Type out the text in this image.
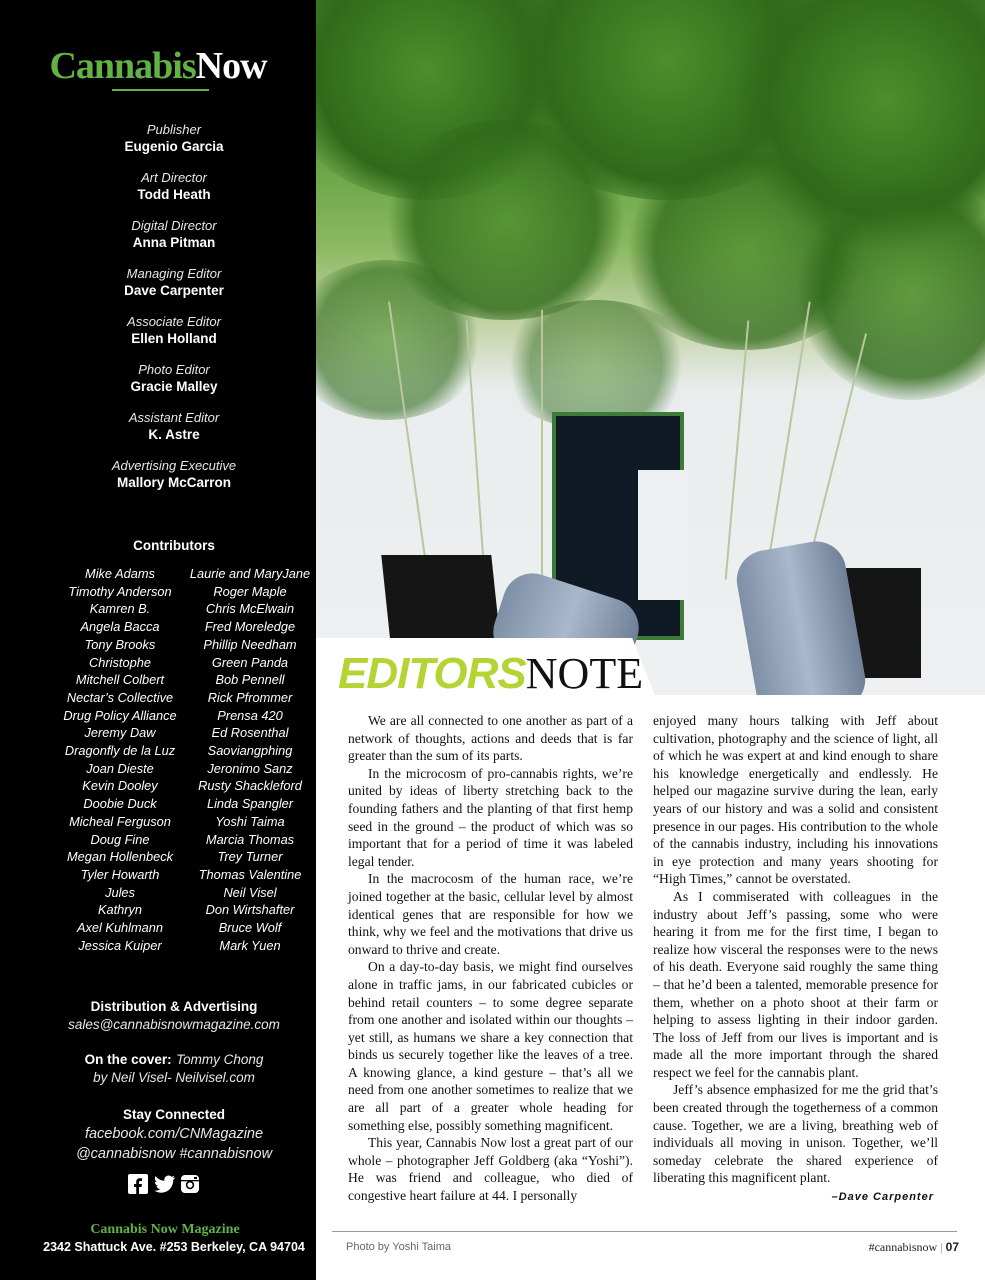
CannabisNow
Publisher
Eugenio Garcia
Art Director
Todd Heath
Digital Director
Anna Pitman
Managing Editor
Dave Carpenter
Associate Editor
Ellen Holland
Photo Editor
Gracie Malley
Assistant Editor
K. Astre
Advertising Executive
Mallory McCarron
Contributors
Mike Adams
Timothy Anderson
Kamren B.
Angela Bacca
Tony Brooks
Christophe
Mitchell Colbert
Nectar’s Collective
Drug Policy Alliance
Jeremy Daw
Dragonfly de la Luz
Joan Dieste
Kevin Dooley
Doobie Duck
Micheal Ferguson
Doug Fine
Megan Hollenbeck
Tyler Howarth
Jules
Kathryn
Axel Kuhlmann
Jessica Kuiper
Laurie and MaryJane
Roger Maple
Chris McElwain
Fred Moreledge
Phillip Needham
Green Panda
Bob Pennell
Rick Pfrommer
Prensa 420
Ed Rosenthal
Saoviangphing
Jeronimo Sanz
Rusty Shackleford
Linda Spangler
Yoshi Taima
Marcia Thomas
Trey Turner
Thomas Valentine
Neil Visel
Don Wirtshafter
Bruce Wolf
Mark Yuen
Distribution & Advertising
sales@cannabisnowmagazine.com
On the cover: Tommy Chong
by Neil Visel- Neilvisel.com
Stay Connected
facebook.com/CNMagazine
@cannabisnow #cannabisnow
Cannabis Now Magazine
2342 Shattuck Ave. #253 Berkeley, CA 94704
EDITORSNOTE

We are all connected to one another as part of a network of thoughts, actions and deeds that is far greater than the sum of its parts.

In the microcosm of pro-cannabis rights, we’re united by ideas of liberty stretching back to the founding fathers and the planting of that first hemp seed in the ground – the product of which was so important that for a period of time it was labeled legal tender.

In the macrocosm of the human race, we’re joined together at the basic, cellular level by almost identical genes that are responsible for how we think, why we feel and the motivations that drive us onward to thrive and create.

On a day-to-day basis, we might find ourselves alone in traffic jams, in our fabricated cubicles or behind retail counters – to some degree separate from one another and isolated within our thoughts – yet still, as humans we share a key connection that binds us securely together like the leaves of a tree. A knowing glance, a kind gesture – that’s all we need from one another sometimes to realize that we are all part of a greater whole heading for something else, possibly something magnificent.

This year, Cannabis Now lost a great part of our whole – photographer Jeff Goldberg (aka “Yoshi”). He was friend and colleague, who died of congestive heart failure at 44. I personally

enjoyed many hours talking with Jeff about cultivation, photography and the science of light, all of which he was expert at and kind enough to share his knowledge energetically and endlessly. He helped our magazine survive during the lean, early years of our history and was a solid and consistent presence in our pages. His contribution to the whole of the cannabis industry, including his innovations in eye protection and many years shooting for “High Times,” cannot be overstated.

As I commiserated with colleagues in the industry about Jeff’s passing, some who were hearing it from me for the first time, I began to realize how visceral the responses were to the news of his death. Everyone said roughly the same thing – that he’d been a talented, memorable presence for them, whether on a photo shoot at their farm or helping to assess lighting in their indoor garden. The loss of Jeff from our lives is important and is made all the more important through the shared respect we feel for the cannabis plant.

Jeff’s absence emphasized for me the grid that’s been created through the togetherness of a common cause. Together, we are a living, breathing web of individuals all moving in unison. Together, we’ll someday celebrate the shared experience of liberating this magnificent plant.

–Dave Carpenter
Photo by Yoshi Taima	#cannabisnow | 07
